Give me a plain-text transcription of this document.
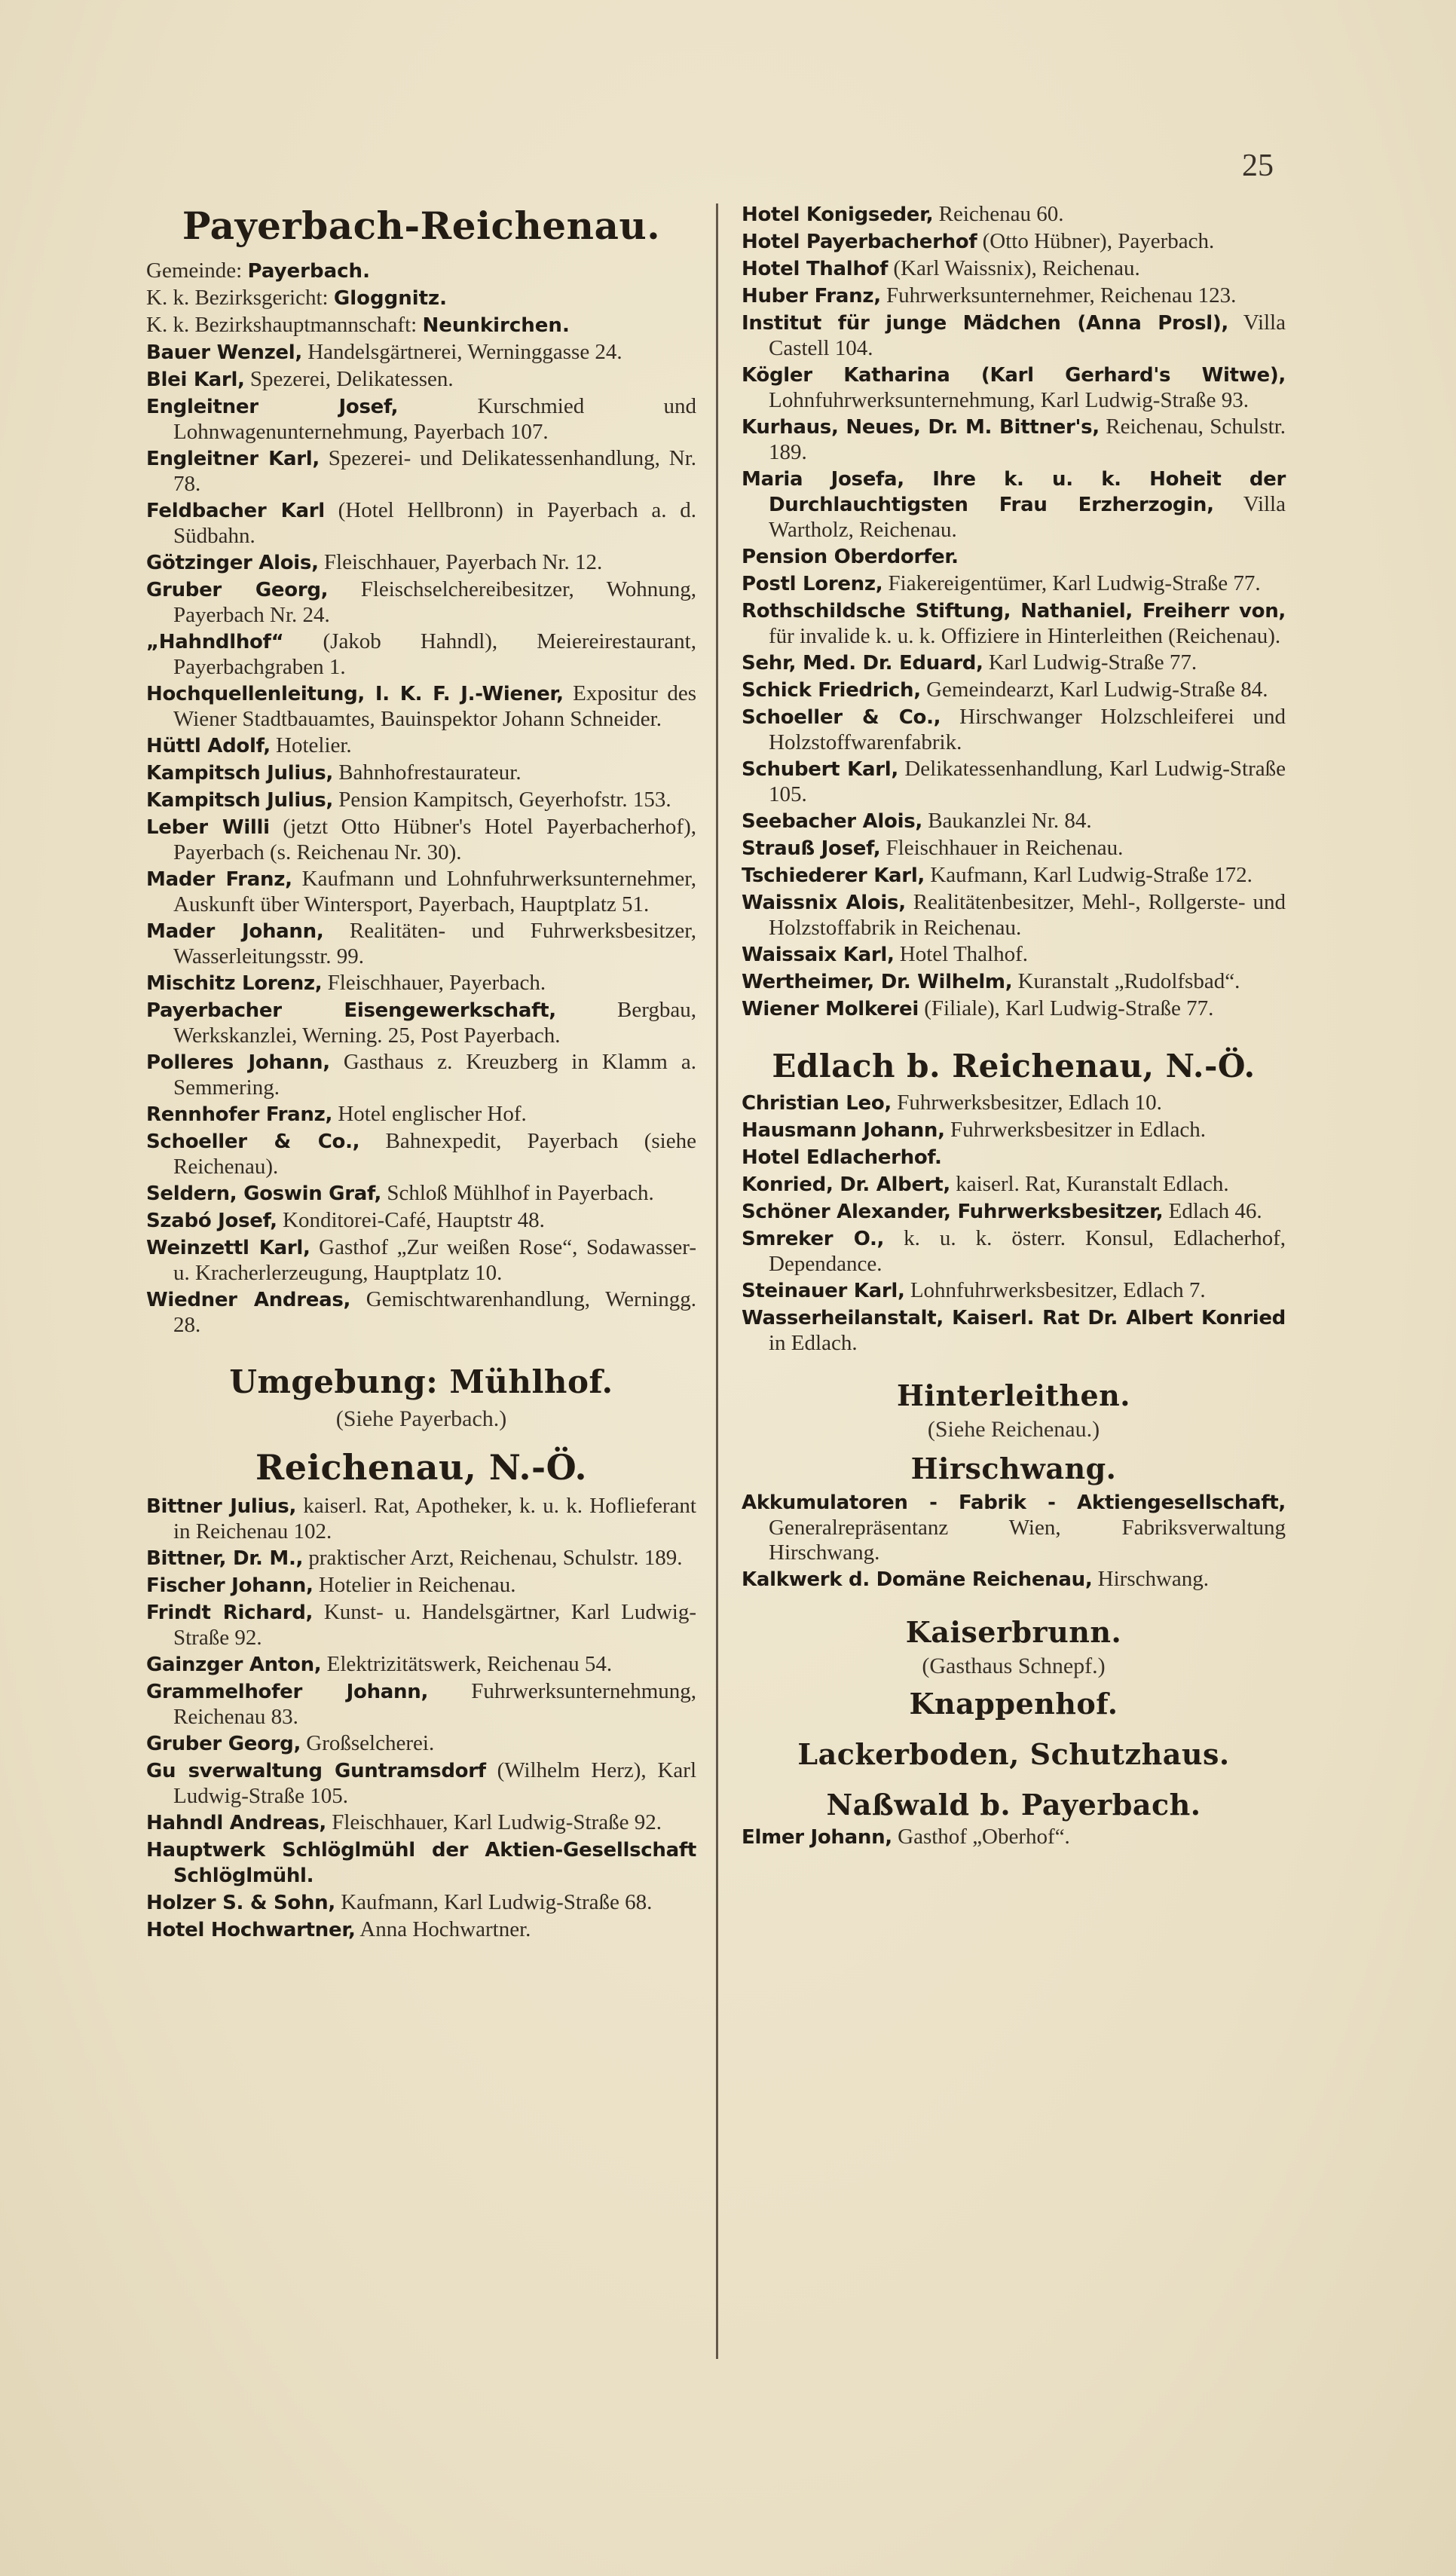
25
Payerbach-Reichenau.
Gemeinde: Payerbach.
K. k. Bezirksgericht: Gloggnitz.
K. k. Bezirkshauptmannschaft: Neunkirchen.
Bauer Wenzel, Handelsgärtnerei, Werninggasse 24.
Blei Karl, Spezerei, Delikatessen.
Engleitner Josef, Kurschmied und Lohnwagenunternehmung, Payerbach 107.
Engleitner Karl, Spezerei- und Delikatessenhandlung, Nr. 78.
Feldbacher Karl (Hotel Hellbronn) in Payerbach a. d. Südbahn.
Götzinger Alois, Fleischhauer, Payerbach Nr. 12.
Gruber Georg, Fleischselchereibesitzer, Wohnung, Payerbach Nr. 24.
„Hahndlhof“ (Jakob Hahndl), Meiereirestaurant, Payerbachgraben 1.
Hochquellenleitung, I. K. F. J.-Wiener, Expositur des Wiener Stadtbauamtes, Bauinspektor Johann Schneider.
Hüttl Adolf, Hotelier.
Kampitsch Julius, Bahnhofrestaurateur.
Kampitsch Julius, Pension Kampitsch, Geyerhofstr. 153.
Leber Willi (jetzt Otto Hübner's Hotel Payerbacherhof), Payerbach (s. Reichenau Nr. 30).
Mader Franz, Kaufmann und Lohnfuhrwerksunternehmer, Auskunft über Wintersport, Payerbach, Hauptplatz 51.
Mader Johann, Realitäten- und Fuhrwerksbesitzer, Wasserleitungsstr. 99.
Mischitz Lorenz, Fleischhauer, Payerbach.
Payerbacher Eisengewerkschaft, Bergbau, Werkskanzlei, Werning. 25, Post Payerbach.
Polleres Johann, Gasthaus z. Kreuzberg in Klamm a. Semmering.
Rennhofer Franz, Hotel englischer Hof.
Schoeller & Co., Bahnexpedit, Payerbach (siehe Reichenau).
Seldern, Goswin Graf, Schloß Mühlhof in Payerbach.
Szabó Josef, Konditorei-Café, Hauptstr 48.
Weinzettl Karl, Gasthof „Zur weißen Rose“, Sodawasser- u. Kracherlerzeugung, Hauptplatz 10.
Wiedner Andreas, Gemischtwarenhandlung, Werningg. 28.
Umgebung: Mühlhof.
(Siehe Payerbach.)
Reichenau, N.-Ö.
Bittner Julius, kaiserl. Rat, Apotheker, k. u. k. Hoflieferant in Reichenau 102.
Bittner, Dr. M., praktischer Arzt, Reichenau, Schulstr. 189.
Fischer Johann, Hotelier in Reichenau.
Frindt Richard, Kunst- u. Handelsgärtner, Karl Ludwig-Straße 92.
Gainzger Anton, Elektrizitätswerk, Reichenau 54.
Grammelhofer Johann, Fuhrwerksunternehmung, Reichenau 83.
Gruber Georg, Großselcherei.
Gu sverwaltung Guntramsdorf (Wilhelm Herz), Karl Ludwig-Straße 105.
Hahndl Andreas, Fleischhauer, Karl Ludwig-Straße 92.
Hauptwerk Schlöglmühl der Aktien-Gesellschaft Schlöglmühl.
Holzer S. & Sohn, Kaufmann, Karl Ludwig-Straße 68.
Hotel Hochwartner, Anna Hochwartner.
Hotel Konigseder, Reichenau 60.
Hotel Payerbacherhof (Otto Hübner), Payerbach.
Hotel Thalhof (Karl Waissnix), Reichenau.
Huber Franz, Fuhrwerksunternehmer, Reichenau 123.
Institut für junge Mädchen (Anna Prosl), Villa Castell 104.
Kögler Katharina (Karl Gerhard's Witwe), Lohnfuhrwerksunternehmung, Karl Ludwig-Straße 93.
Kurhaus, Neues, Dr. M. Bittner's, Reichenau, Schulstr. 189.
Maria Josefa, Ihre k. u. k. Hoheit der Durchlauchtigsten Frau Erzherzogin, Villa Wartholz, Reichenau.
Pension Oberdorfer.
Postl Lorenz, Fiakereigentümer, Karl Ludwig-Straße 77.
Rothschildsche Stiftung, Nathaniel, Freiherr von, für invalide k. u. k. Offiziere in Hinterleithen (Reichenau).
Sehr, Med. Dr. Eduard, Karl Ludwig-Straße 77.
Schick Friedrich, Gemeindearzt, Karl Ludwig-Straße 84.
Schoeller & Co., Hirschwanger Holzschleiferei und Holzstoffwarenfabrik.
Schubert Karl, Delikatessenhandlung, Karl Ludwig-Straße 105.
Seebacher Alois, Baukanzlei Nr. 84.
Strauß Josef, Fleischhauer in Reichenau.
Tschiederer Karl, Kaufmann, Karl Ludwig-Straße 172.
Waissnix Alois, Realitätenbesitzer, Mehl-, Rollgerste- und Holzstoffabrik in Reichenau.
Waissaix Karl, Hotel Thalhof.
Wertheimer, Dr. Wilhelm, Kuranstalt „Rudolfsbad“.
Wiener Molkerei (Filiale), Karl Ludwig-Straße 77.
Edlach b. Reichenau, N.-Ö.
Christian Leo, Fuhrwerksbesitzer, Edlach 10.
Hausmann Johann, Fuhrwerksbesitzer in Edlach.
Hotel Edlacherhof.
Konried, Dr. Albert, kaiserl. Rat, Kuranstalt Edlach.
Schöner Alexander, Fuhrwerksbesitzer, Edlach 46.
Smreker O., k. u. k. österr. Konsul, Edlacherhof, Dependance.
Steinauer Karl, Lohnfuhrwerksbesitzer, Edlach 7.
Wasserheilanstalt, Kaiserl. Rat Dr. Albert Konried in Edlach.
Hinterleithen.
(Siehe Reichenau.)
Hirschwang.
Akkumulatoren - Fabrik - Aktiengesellschaft, Generalrepräsentanz Wien, Fabriksverwaltung Hirschwang.
Kalkwerk d. Domäne Reichenau, Hirschwang.
Kaiserbrunn.
(Gasthaus Schnepf.)
Knappenhof.
Lackerboden, Schutzhaus.
Naßwald b. Payerbach.
Elmer Johann, Gasthof „Oberhof“.
